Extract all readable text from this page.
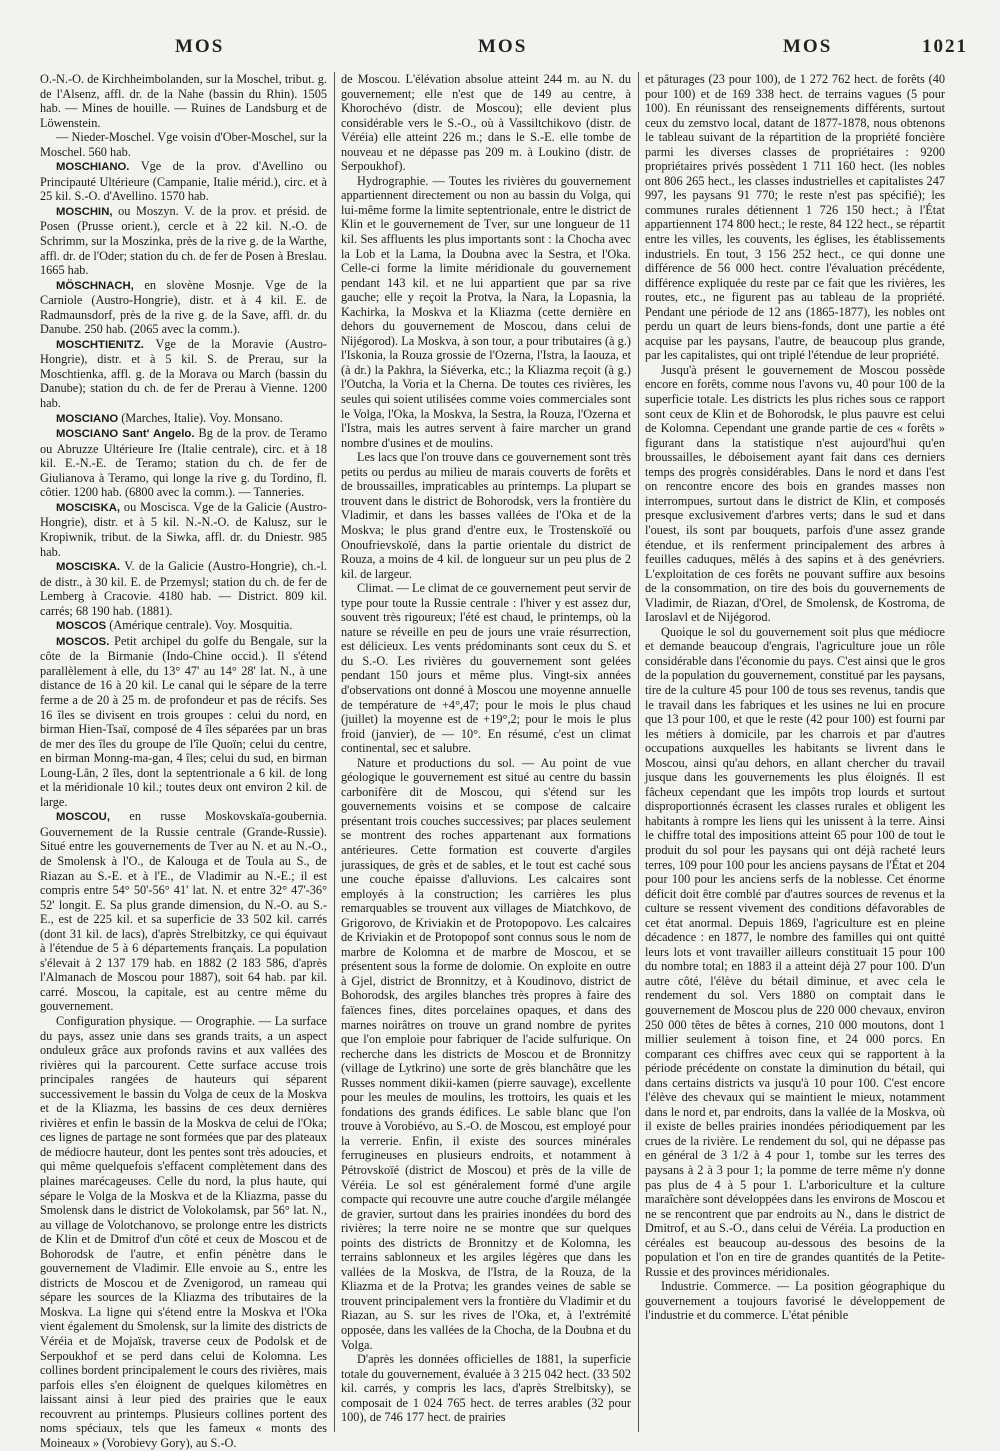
MOS	MOS	MOS	1021

O.-N.-O. de Kirchheimbolanden, sur la Moschel, tribut. g. de l'Alsenz, affl. dr. de la Nahe (bassin du Rhin). 1505 hab. — Mines de houille. — Ruines de Landsburg et de Löwenstein.

— Nieder-Moschel. Vge voisin d'Ober-Moschel, sur la Moschel. 560 hab.

MOSCHIANO. Vge de la prov. d'Avellino ou Principauté Ultérieure (Campanie, Italie mérid.), circ. et à 25 kil. S.-O. d'Avellino. 1570 hab.

MOSCHIN, ou Moszyn. V. de la prov. et présid. de Posen (Prusse orient.), cercle et à 22 kil. N.-O. de Schrimm, sur la Moszinka, près de la rive g. de la Warthe, affl. dr. de l'Oder; station du ch. de fer de Posen à Breslau. 1665 hab.

MÖSCHNACH, en slovène Mosnje. Vge de la Carniole (Austro-Hongrie), distr. et à 4 kil. E. de Radmaunsdorf, près de la rive g. de la Save, affl. dr. du Danube. 250 hab. (2065 avec la comm.).

MOSCHTIENITZ. Vge de la Moravie (Austro-Hongrie), distr. et à 5 kil. S. de Prerau, sur la Moschtienka, affl. g. de la Morava ou March (bassin du Danube); station du ch. de fer de Prerau à Vienne. 1200 hab.

MOSCIANO (Marches, Italie). Voy. Monsano.

MOSCIANO Sant' Angelo. Bg de la prov. de Teramo ou Abruzze Ultérieure Ire (Italie centrale), circ. et à 18 kil. E.-N.-E. de Teramo; station du ch. de fer de Giulianova à Teramo, qui longe la rive g. du Tordino, fl. côtier. 1200 hab. (6800 avec la comm.). — Tanneries.

MOSCISKA, ou Moscisca. Vge de la Galicie (Austro-Hongrie), distr. et à 5 kil. N.-N.-O. de Kalusz, sur le Kropiwnik, tribut. de la Siwka, affl. dr. du Dniestr. 985 hab.

MOSCISKA. V. de la Galicie (Austro-Hongrie), ch.-l. de distr., à 30 kil. E. de Przemysl; station du ch. de fer de Lemberg à Cracovie. 4180 hab. — District. 809 kil. carrés; 68 190 hab. (1881).

MOSCOS (Amérique centrale). Voy. Mosquitia.

MOSCOS. Petit archipel du golfe du Bengale, sur la côte de la Birmanie (Indo-Chine occid.). Il s'étend parallèlement à elle, du 13° 47' au 14° 28' lat. N., à une distance de 16 à 20 kil. Le canal qui le sépare de la terre ferme a de 20 à 25 m. de profondeur et pas de récifs. Ses 16 îles se divisent en trois groupes : celui du nord, en birman Hien-Tsaï, composé de 4 îles séparées par un bras de mer des îles du groupe de l'île Quoïn; celui du centre, en birman Monng-ma-gan, 4 îles; celui du sud, en birman Loung-Lân, 2 îles, dont la septentrionale a 6 kil. de long et la méridionale 10 kil.; toutes deux ont environ 2 kil. de large.

MOSCOU, en russe Moskovskaïa-goubernia. Gouvernement de la Russie centrale (Grande-Russie). Situé entre les gouvernements de Tver au N. et au N.-O., de Smolensk à l'O., de Kalouga et de Toula au S., de Riazan au S.-E. et à l'E., de Vladimir au N.-E.; il est compris entre 54° 50'-56° 41' lat. N. et entre 32° 47'-36° 52' longit. E. Sa plus grande dimension, du N.-O. au S.-E., est de 225 kil. et sa superficie de 33 502 kil. carrés (dont 31 kil. de lacs), d'après Strelbitzky, ce qui équivaut à l'étendue de 5 à 6 départements français. La population s'élevait à 2 137 179 hab. en 1882 (2 183 586, d'après l'Almanach de Moscou pour 1887), soit 64 hab. par kil. carré. Moscou, la capitale, est au centre même du gouvernement.

Configuration physique. — Orographie. — La surface du pays, assez unie dans ses grands traits, a un aspect onduleux grâce aux profonds ravins et aux vallées des rivières qui la parcourent. Cette surface accuse trois principales rangées de hauteurs qui séparent successivement le bassin du Volga de ceux de la Moskva et de la Kliazma, les bassins de ces deux dernières rivières et enfin le bassin de la Moskva de celui de l'Oka; ces lignes de partage ne sont formées que par des plateaux de médiocre hauteur, dont les pentes sont très adoucies, et qui même quelquefois s'effacent complètement dans des plaines marécageuses. Celle du nord, la plus haute, qui sépare le Volga de la Moskva et de la Kliazma, passe du Smolensk dans le district de Volokolamsk, par 56° lat. N., au village de Volotchanovo, se prolonge entre les districts de Klin et de Dmitrof d'un côté et ceux de Moscou et de Bohorodsk de l'autre, et enfin pénètre dans le gouvernement de Vladimir. Elle envoie au S., entre les districts de Moscou et de Zvenigorod, un rameau qui sépare les sources de la Kliazma des tributaires de la Moskva. La ligne qui s'étend entre la Moskva et l'Oka vient également du Smolensk, sur la limite des districts de Véréia et de Mojaïsk, traverse ceux de Podolsk et de Serpoukhof et se perd dans celui de Kolomna. Les collines bordent principalement le cours des rivières, mais parfois elles s'en éloignent de quelques kilomètres en laissant ainsi à leur pied des prairies que le eaux recouvrent au printemps. Plusieurs collines portent des noms spéciaux, tels que les fameux « monts des Moineaux » (Vorobievy Gory), au S.-O.

de Moscou. L'élévation absolue atteint 244 m. au N. du gouvernement; elle n'est que de 149 au centre, à Khorochévo (distr. de Moscou); elle devient plus considérable vers le S.-O., où à Vassiltchikovo (distr. de Véréia) elle atteint 226 m.; dans le S.-E. elle tombe de nouveau et ne dépasse pas 209 m. à Loukino (distr. de Serpoukhof).

Hydrographie. — Toutes les rivières du gouvernement appartiennent directement ou non au bassin du Volga, qui lui-même forme la limite septentrionale, entre le district de Klin et le gouvernement de Tver, sur une longueur de 11 kil. Ses affluents les plus importants sont : la Chocha avec la Lob et la Lama, la Doubna avec la Sestra, et l'Oka. Celle-ci forme la limite méridionale du gouvernement pendant 143 kil. et ne lui appartient que par sa rive gauche; elle y reçoit la Protva, la Nara, la Lopasnia, la Kachirka, la Moskva et la Kliazma (cette dernière en dehors du gouvernement de Moscou, dans celui de Nijégorod). La Moskva, à son tour, a pour tributaires (à g.) l'Iskonia, la Rouza grossie de l'Ozerna, l'Istra, la Iaouza, et (à dr.) la Pakhra, la Siéverka, etc.; la Kliazma reçoit (à g.) l'Outcha, la Voria et la Cherna. De toutes ces rivières, les seules qui soient utilisées comme voies commerciales sont le Volga, l'Oka, la Moskva, la Sestra, la Rouza, l'Ozerna et l'Istra, mais les autres servent à faire marcher un grand nombre d'usines et de moulins.

Les lacs que l'on trouve dans ce gouvernement sont très petits ou perdus au milieu de marais couverts de forêts et de broussailles, impraticables au printemps. La plupart se trouvent dans le district de Bohorodsk, vers la frontière du Vladimir, et dans les basses vallées de l'Oka et de la Moskva; le plus grand d'entre eux, le Trostenskoïé ou Onoufrievskoïé, dans la partie orientale du district de Rouza, a moins de 4 kil. de longueur sur un peu plus de 2 kil. de largeur.

Climat. — Le climat de ce gouvernement peut servir de type pour toute la Russie centrale : l'hiver y est assez dur, souvent très rigoureux; l'été est chaud, le printemps, où la nature se réveille en peu de jours une vraie résurrection, est délicieux. Les vents prédominants sont ceux du S. et du S.-O. Les rivières du gouvernement sont gelées pendant 150 jours et même plus. Vingt-six années d'observations ont donné à Moscou une moyenne annuelle de température de +4°,47; pour le mois le plus chaud (juillet) la moyenne est de +19°,2; pour le mois le plus froid (janvier), de — 10°. En résumé, c'est un climat continental, sec et salubre.

Nature et productions du sol. — Au point de vue géologique le gouvernement est situé au centre du bassin carbonifère dit de Moscou, qui s'étend sur les gouvernements voisins et se compose de calcaire présentant trois couches successives; par places seulement se montrent des roches appartenant aux formations antérieures. Cette formation est couverte d'argiles jurassiques, de grès et de sables, et le tout est caché sous une couche épaisse d'alluvions. Les calcaires sont employés à la construction; les carrières les plus remarquables se trouvent aux villages de Miatchkovo, de Grigorovo, de Kriviakin et de Protopopovo. Les calcaires de Kriviakin et de Protopopof sont connus sous le nom de marbre de Kolomna et de marbre de Moscou, et se présentent sous la forme de dolomie. On exploite en outre à Gjel, district de Bronnitzy, et à Koudinovo, district de Bohorodsk, des argiles blanches très propres à faire des faïences fines, dites porcelaines opaques, et dans des marnes noirâtres on trouve un grand nombre de pyrites que l'on emploie pour fabriquer de l'acide sulfurique. On recherche dans les districts de Moscou et de Bronnitzy (village de Lytkrino) une sorte de grès blanchâtre que les Russes nomment dikii-kamen (pierre sauvage), excellente pour les meules de moulins, les trottoirs, les quais et les fondations des grands édifices. Le sable blanc que l'on trouve à Vorobiévo, au S.-O. de Moscou, est employé pour la verrerie. Enfin, il existe des sources minérales ferrugineuses en plusieurs endroits, et notamment à Pétrovskoïé (district de Moscou) et près de la ville de Véréia. Le sol est généralement formé d'une argile compacte qui recouvre une autre couche d'argile mélangée de gravier, surtout dans les prairies inondées du bord des rivières; la terre noire ne se montre que sur quelques points des districts de Bronnitzy et de Kolomna, les terrains sablonneux et les argiles légères que dans les vallées de la Moskva, de l'Istra, de la Rouza, de la Kliazma et de la Protva; les grandes veines de sable se trouvent principalement vers la frontière du Vladimir et du Riazan, au S. sur les rives de l'Oka, et, à l'extrémité opposée, dans les vallées de la Chocha, de la Doubna et du Volga.

D'après les données officielles de 1881, la superficie totale du gouvernement, évaluée à 3 215 042 hect. (33 502 kil. carrés, y compris les lacs, d'après Strelbitsky), se composait de 1 024 765 hect. de terres arables (32 pour 100), de 746 177 hect. de prairies

et pâturages (23 pour 100), de 1 272 762 hect. de forêts (40 pour 100) et de 169 338 hect. de terrains vagues (5 pour 100). En réunissant des renseignements différents, surtout ceux du zemstvo local, datant de 1877-1878, nous obtenons le tableau suivant de la répartition de la propriété foncière parmi les diverses classes de propriétaires : 9200 propriétaires privés possèdent 1 711 160 hect. (les nobles ont 806 265 hect., les classes industrielles et capitalistes 247 997, les paysans 91 770; le reste n'est pas spécifié); les communes rurales détiennent 1 726 150 hect.; à l'État appartiennent 174 800 hect.; le reste, 84 122 hect., se répartit entre les villes, les couvents, les églises, les établissements industriels. En tout, 3 156 252 hect., ce qui donne une différence de 56 000 hect. contre l'évaluation précédente, différence expliquée du reste par ce fait que les rivières, les routes, etc., ne figurent pas au tableau de la propriété. Pendant une période de 12 ans (1865-1877), les nobles ont perdu un quart de leurs biens-fonds, dont une partie a été acquise par les paysans, l'autre, de beaucoup plus grande, par les capitalistes, qui ont triplé l'étendue de leur propriété.

Jusqu'à présent le gouvernement de Moscou possède encore en forêts, comme nous l'avons vu, 40 pour 100 de la superficie totale. Les districts les plus riches sous ce rapport sont ceux de Klin et de Bohorodsk, le plus pauvre est celui de Kolomna. Cependant une grande partie de ces « forêts » figurant dans la statistique n'est aujourd'hui qu'en broussailles, le déboisement ayant fait dans ces derniers temps des progrès considérables. Dans le nord et dans l'est on rencontre encore des bois en grandes masses non interrompues, surtout dans le district de Klin, et composés presque exclusivement d'arbres verts; dans le sud et dans l'ouest, ils sont par bouquets, parfois d'une assez grande étendue, et ils renferment principalement des arbres à feuilles caduques, mêlés à des sapins et à des genévriers. L'exploitation de ces forêts ne pouvant suffire aux besoins de la consommation, on tire des bois du gouvernements de Vladimir, de Riazan, d'Orel, de Smolensk, de Kostroma, de Iaroslavl et de Nijégorod.

Quoique le sol du gouvernement soit plus que médiocre et demande beaucoup d'engrais, l'agriculture joue un rôle considérable dans l'économie du pays. C'est ainsi que le gros de la population du gouvernement, constitué par les paysans, tire de la culture 45 pour 100 de tous ses revenus, tandis que le travail dans les fabriques et les usines ne lui en procure que 13 pour 100, et que le reste (42 pour 100) est fourni par les métiers à domicile, par les charrois et par d'autres occupations auxquelles les habitants se livrent dans le Moscou, ainsi qu'au dehors, en allant chercher du travail jusque dans les gouvernements les plus éloignés. Il est fâcheux cependant que les impôts trop lourds et surtout disproportionnés écrasent les classes rurales et obligent les habitants à rompre les liens qui les unissent à la terre. Ainsi le chiffre total des impositions atteint 65 pour 100 de tout le produit du sol pour les paysans qui ont déjà racheté leurs terres, 109 pour 100 pour les anciens paysans de l'État et 204 pour 100 pour les anciens serfs de la noblesse. Cet énorme déficit doit être comblé par d'autres sources de revenus et la culture se ressent vivement des conditions défavorables de cet état anormal. Depuis 1869, l'agriculture est en pleine décadence : en 1877, le nombre des familles qui ont quitté leurs lots et vont travailler ailleurs constituait 15 pour 100 du nombre total; en 1883 il a atteint déjà 27 pour 100. D'un autre côté, l'élève du bétail diminue, et avec cela le rendement du sol. Vers 1880 on comptait dans le gouvernement de Moscou plus de 220 000 chevaux, environ 250 000 têtes de bêtes à cornes, 210 000 moutons, dont 1 millier seulement à toison fine, et 24 000 porcs. En comparant ces chiffres avec ceux qui se rapportent à la période précédente on constate la diminution du bétail, qui dans certains districts va jusqu'à 10 pour 100. C'est encore l'élève des chevaux qui se maintient le mieux, notamment dans le nord et, par endroits, dans la vallée de la Moskva, où il existe de belles prairies inondées périodiquement par les crues de la rivière. Le rendement du sol, qui ne dépasse pas en général de 3 1/2 à 4 pour 1, tombe sur les terres des paysans à 2 à 3 pour 1; la pomme de terre même n'y donne pas plus de 4 à 5 pour 1. L'arboriculture et la culture maraîchère sont développées dans les environs de Moscou et ne se rencontrent que par endroits au N., dans le district de Dmitrof, et au S.-O., dans celui de Véréia. La production en céréales est beaucoup au-dessous des besoins de la population et l'on en tire de grandes quantités de la Petite-Russie et des provinces méridionales.

Industrie. Commerce. — La position géographique du gouvernement a toujours favorisé le développement de l'industrie et du commerce. L'état pénible
